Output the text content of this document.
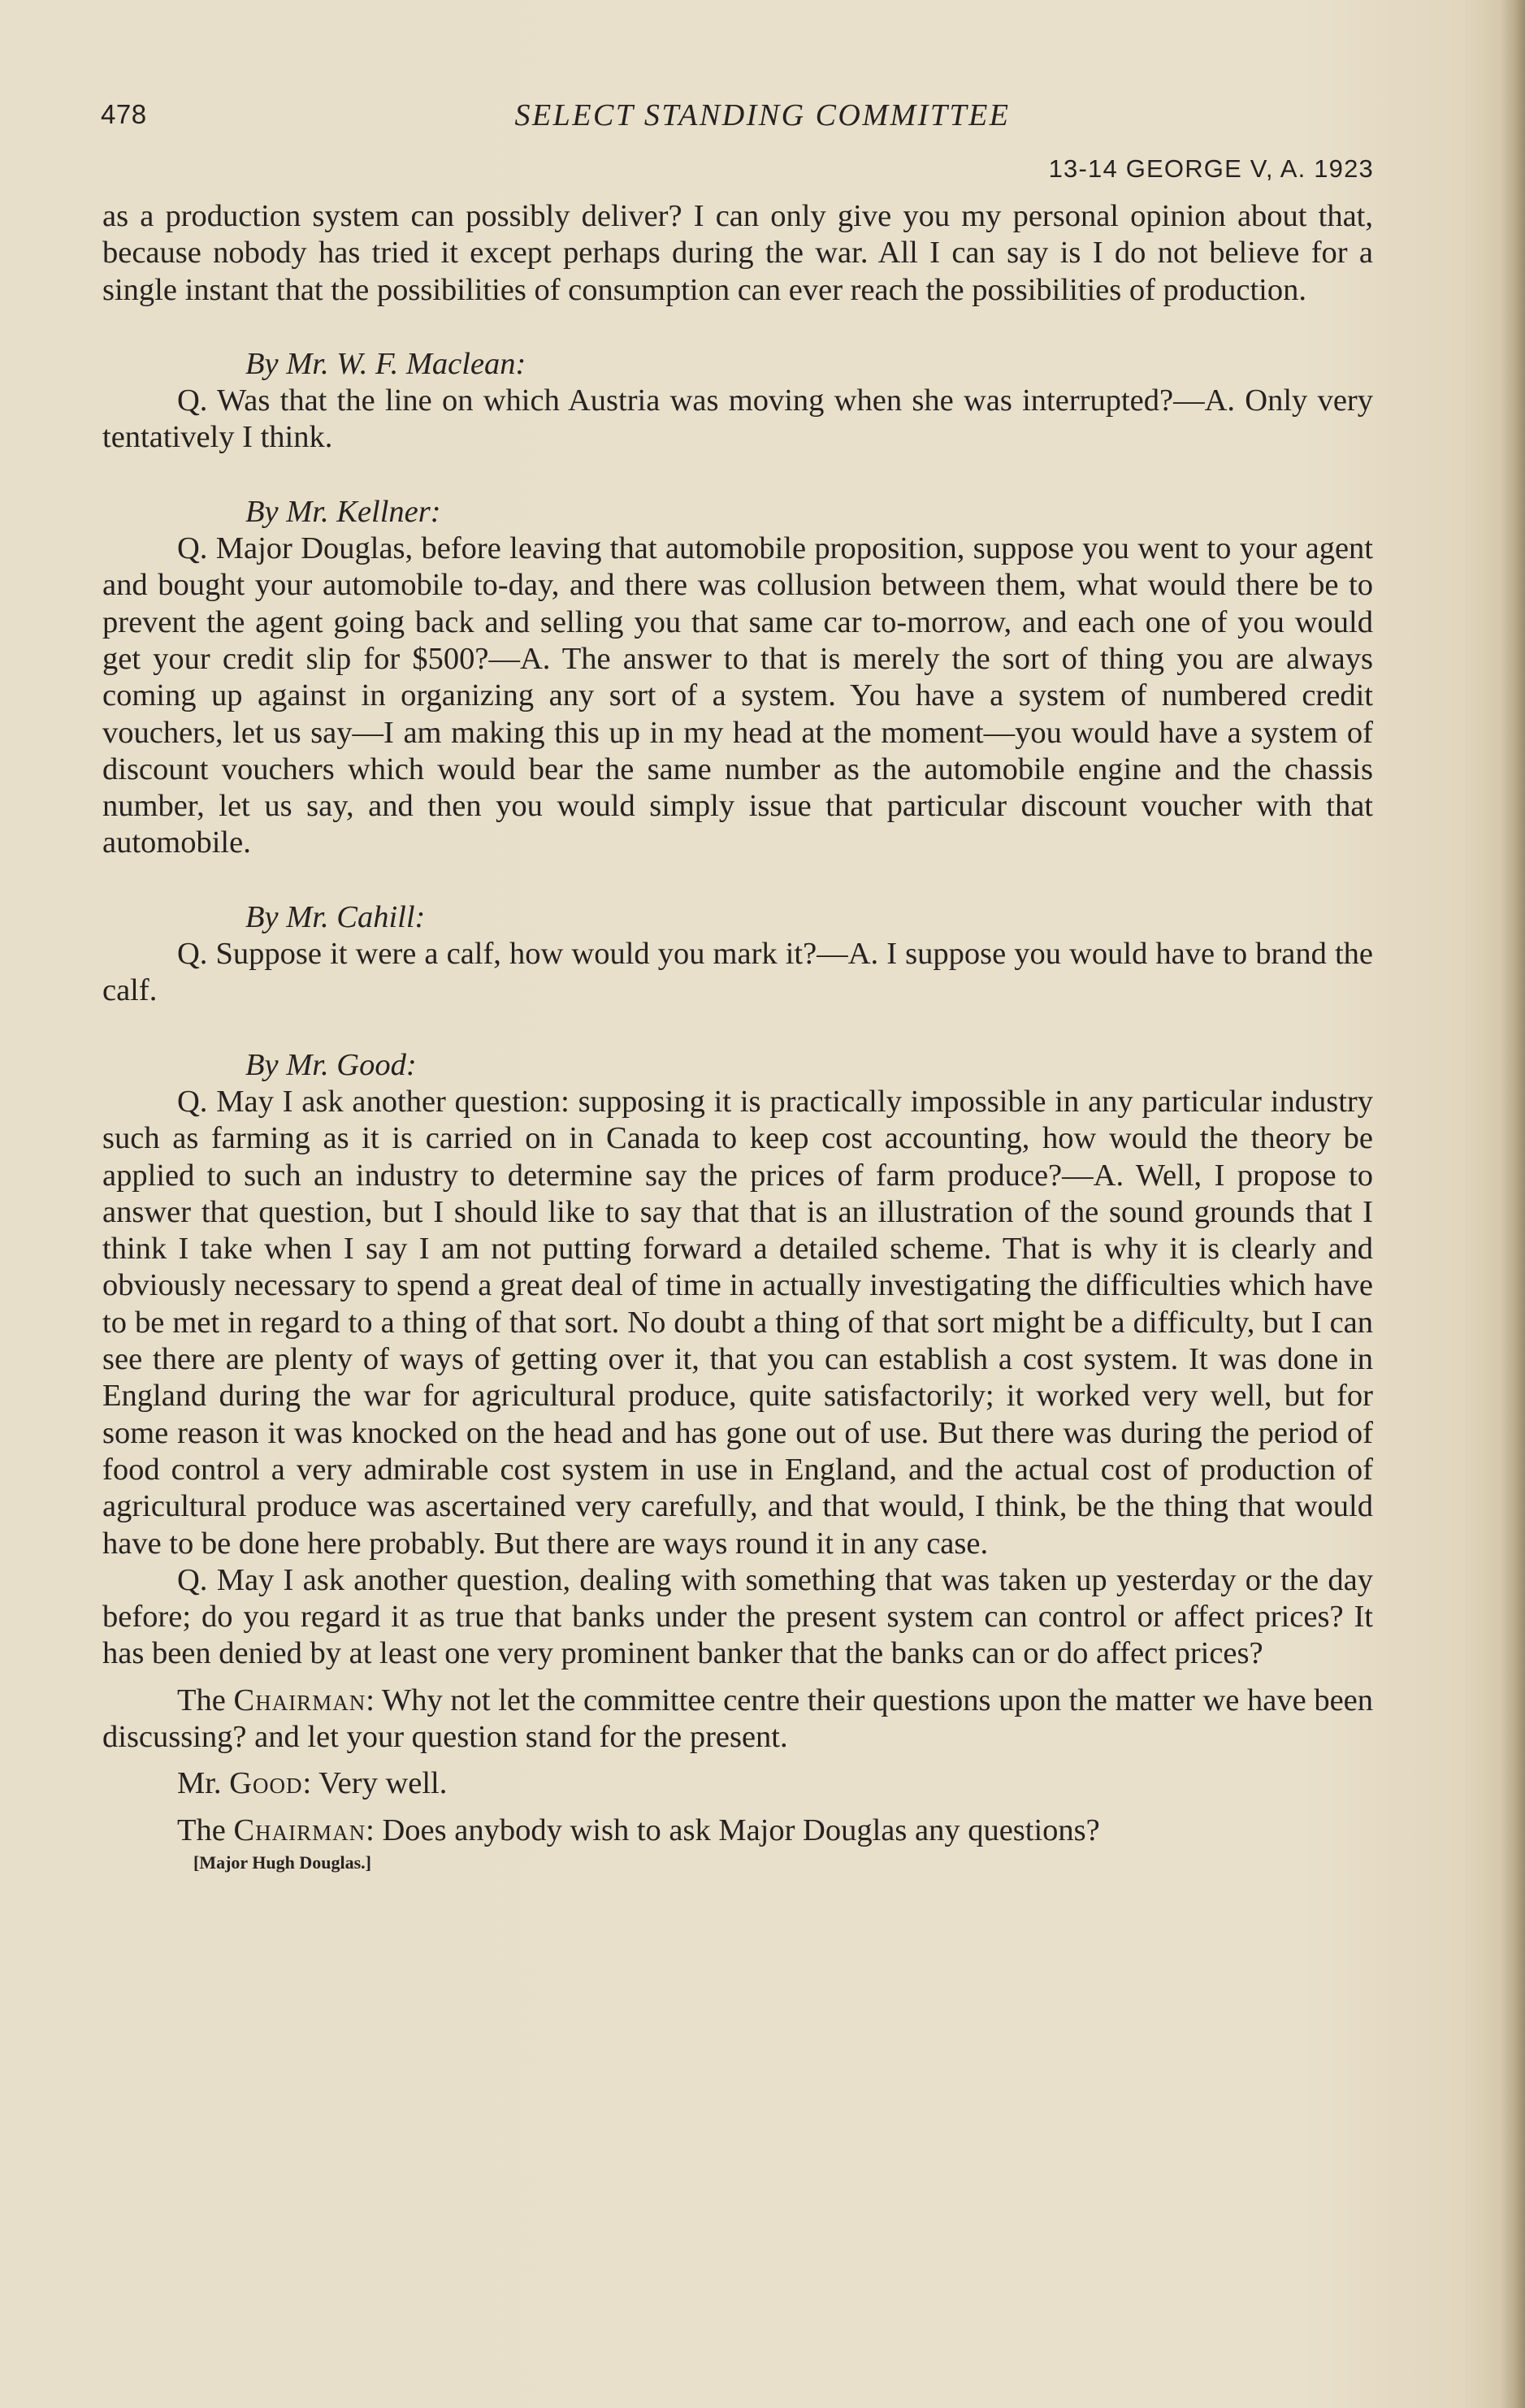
478	SELECT STANDING COMMITTEE
13-14 GEORGE V, A. 1923

as a production system can possibly deliver? I can only give you my personal opinion about that, because nobody has tried it except perhaps during the war. All I can say is I do not believe for a single instant that the possibilities of consumption can ever reach the possibilities of production.

By Mr. W. F. Maclean:

Q. Was that the line on which Austria was moving when she was interrupted?—A. Only very tentatively I think.

By Mr. Kellner:

Q. Major Douglas, before leaving that automobile proposition, suppose you went to your agent and bought your automobile to-day, and there was collusion between them, what would there be to prevent the agent going back and selling you that same car to-morrow, and each one of you would get your credit slip for $500?—A. The answer to that is merely the sort of thing you are always coming up against in organizing any sort of a system. You have a system of numbered credit vouchers, let us say—I am making this up in my head at the moment—you would have a system of discount vouchers which would bear the same number as the automobile engine and the chassis number, let us say, and then you would simply issue that particular discount voucher with that automobile.

By Mr. Cahill:

Q. Suppose it were a calf, how would you mark it?—A. I suppose you would have to brand the calf.

By Mr. Good:

Q. May I ask another question: supposing it is practically impossible in any particular industry such as farming as it is carried on in Canada to keep cost accounting, how would the theory be applied to such an industry to determine say the prices of farm produce?—A. Well, I propose to answer that question, but I should like to say that that is an illustration of the sound grounds that I think I take when I say I am not putting forward a detailed scheme. That is why it is clearly and obviously necessary to spend a great deal of time in actually investigating the difficulties which have to be met in regard to a thing of that sort. No doubt a thing of that sort might be a difficulty, but I can see there are plenty of ways of getting over it, that you can establish a cost system. It was done in England during the war for agricultural produce, quite satisfactorily; it worked very well, but for some reason it was knocked on the head and has gone out of use. But there was during the period of food control a very admirable cost system in use in England, and the actual cost of production of agricultural produce was ascertained very carefully, and that would, I think, be the thing that would have to be done here probably. But there are ways round it in any case.

Q. May I ask another question, dealing with something that was taken up yesterday or the day before; do you regard it as true that banks under the present system can control or affect prices? It has been denied by at least one very prominent banker that the banks can or do affect prices?

The Chairman: Why not let the committee centre their questions upon the matter we have been discussing? and let your question stand for the present.

Mr. Good: Very well.

The Chairman: Does anybody wish to ask Major Douglas any questions?

[Major Hugh Douglas.]
